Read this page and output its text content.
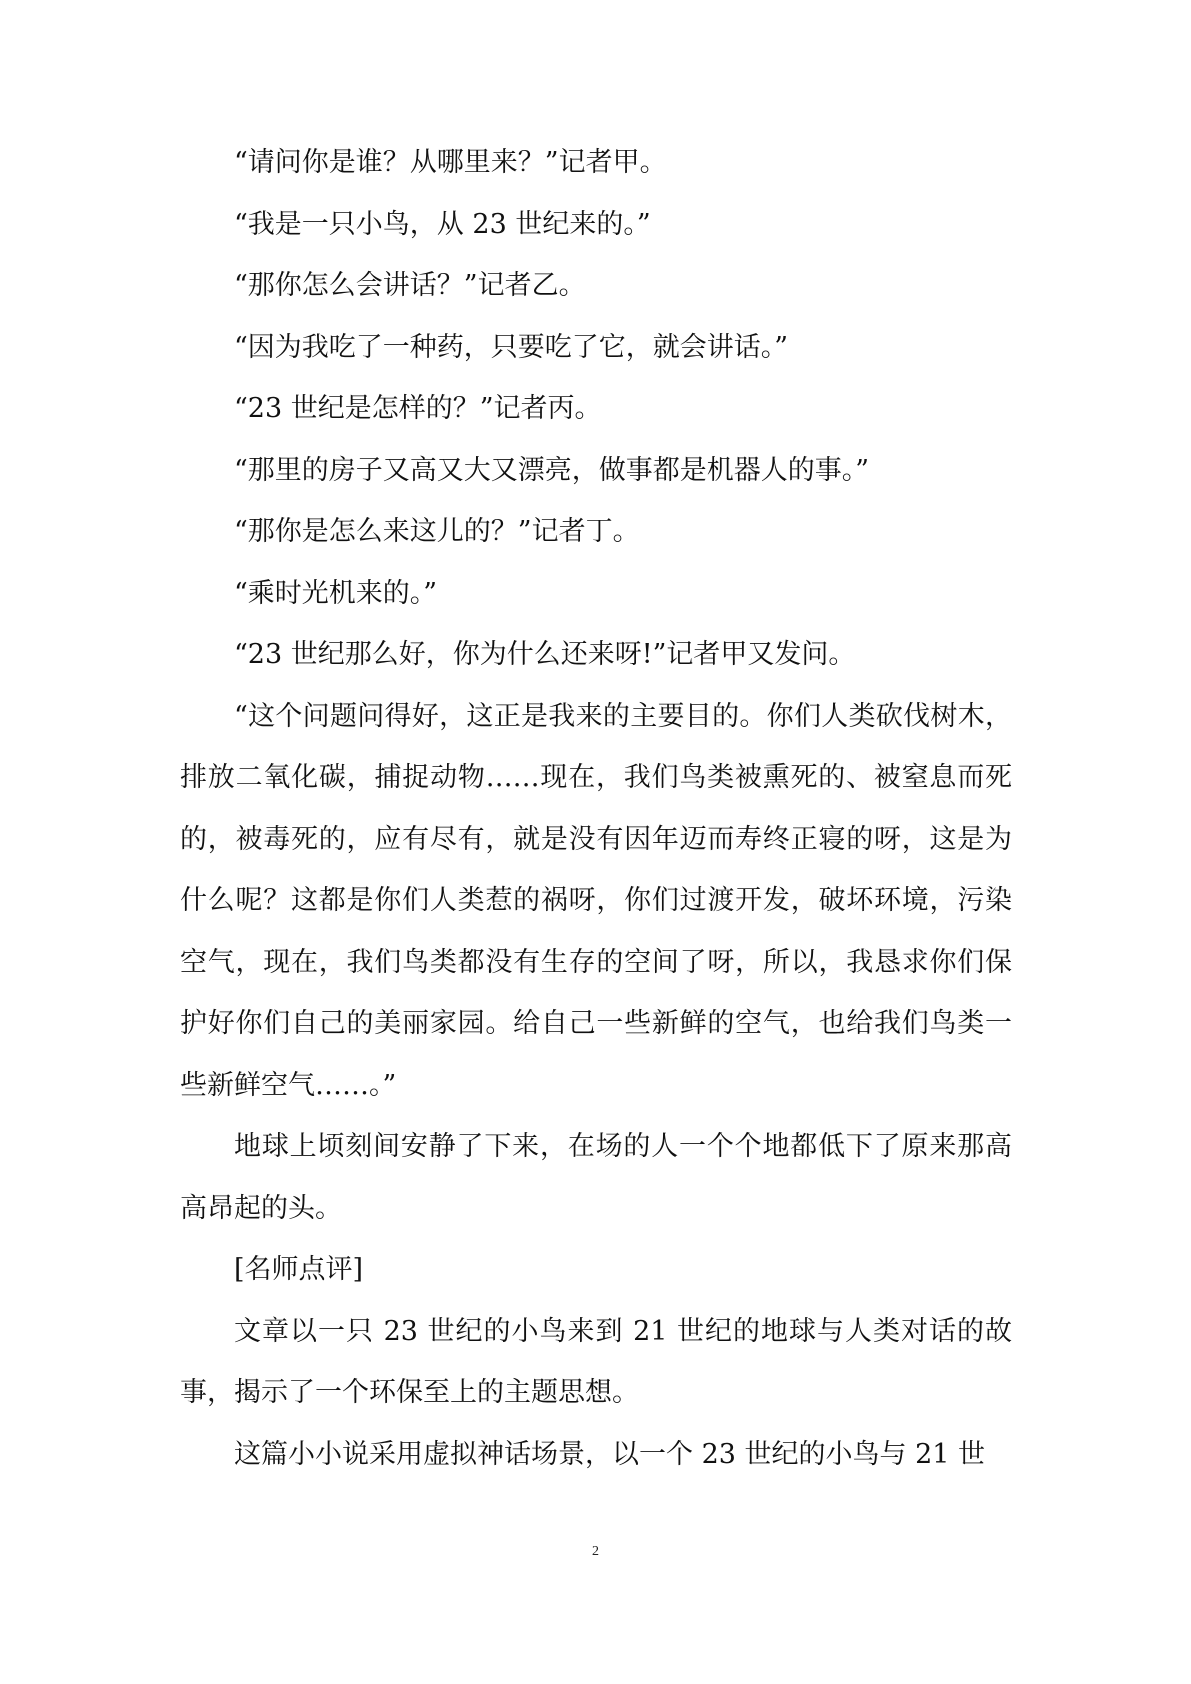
“请问你是谁？从哪里来？”记者甲。

“我是一只小鸟，从 23 世纪来的。”

“那你怎么会讲话？”记者乙。

“因为我吃了一种药，只要吃了它，就会讲话。”

“23 世纪是怎样的？”记者丙。

“那里的房子又高又大又漂亮，做事都是机器人的事。”

“那你是怎么来这儿的？”记者丁。

“乘时光机来的。”

“23 世纪那么好，你为什么还来呀!”记者甲又发问。

“这个问题问得好，这正是我来的主要目的。你们人类砍伐树木，排放二氧化碳，捕捉动物……现在，我们鸟类被熏死的、被窒息而死的，被毒死的，应有尽有，就是没有因年迈而寿终正寝的呀，这是为什么呢？这都是你们人类惹的祸呀，你们过渡开发，破坏环境，污染空气，现在，我们鸟类都没有生存的空间了呀，所以，我恳求你们保护好你们自己的美丽家园。给自己一些新鲜的空气，也给我们鸟类一些新鲜空气……。”

地球上顷刻间安静了下来，在场的人一个个地都低下了原来那高高昂起的头。

[名师点评]

文章以一只 23 世纪的小鸟来到 21 世纪的地球与人类对话的故事，揭示了一个环保至上的主题思想。

这篇小小说采用虚拟神话场景，以一个 23 世纪的小鸟与 21 世

2
